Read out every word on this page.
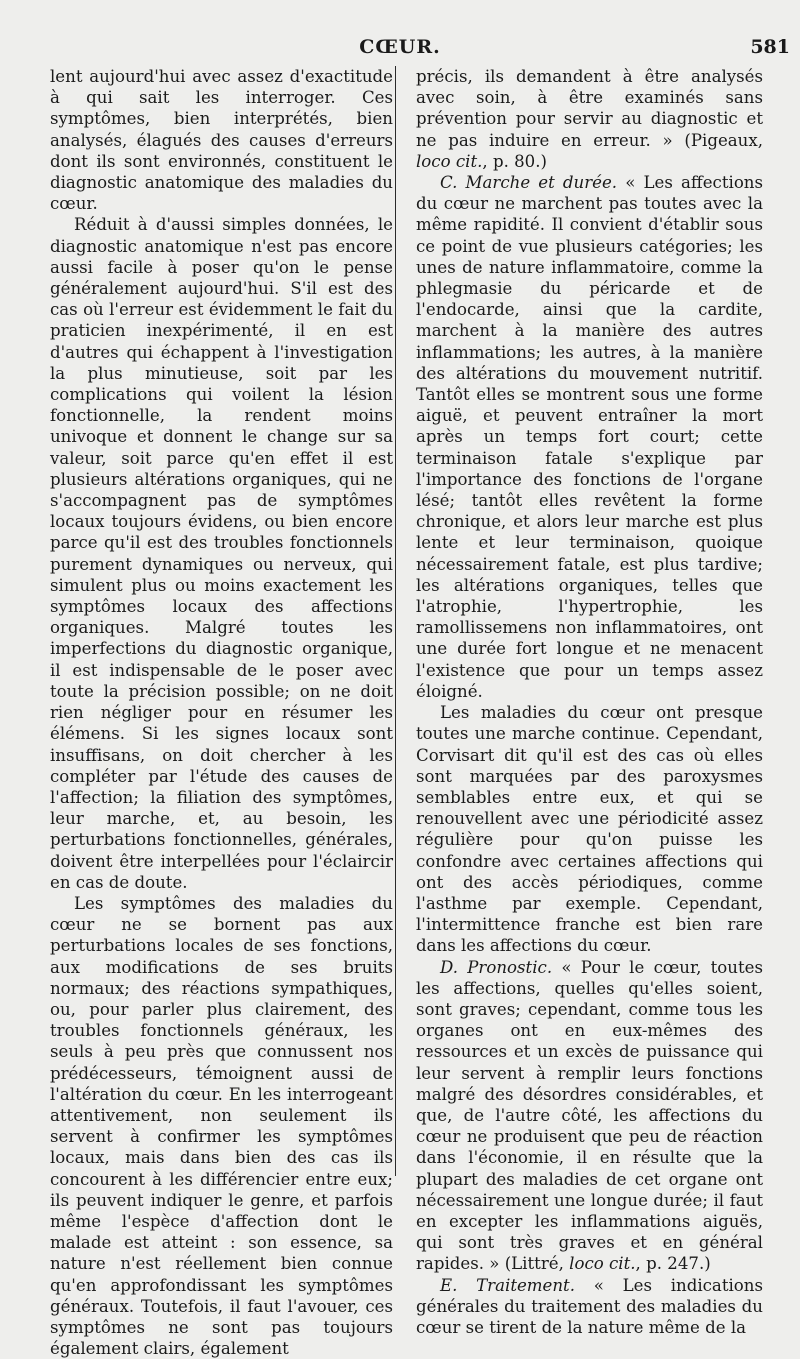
CŒUR.	581

lent aujourd'hui avec assez d'exactitude à qui sait les interroger. Ces symptômes, bien interprétés, bien analysés, élagués des causes d'erreurs dont ils sont environnés, constituent le diagnostic anatomique des maladies du cœur.

Réduit à d'aussi simples données, le diagnostic anatomique n'est pas encore aussi facile à poser qu'on le pense généralement aujourd'hui. S'il est des cas où l'erreur est évidemment le fait du praticien inexpérimenté, il en est d'autres qui échappent à l'investigation la plus minutieuse, soit par les complications qui voilent la lésion fonctionnelle, la rendent moins univoque et donnent le change sur sa valeur, soit parce qu'en effet il est plusieurs altérations organiques, qui ne s'accompagnent pas de symptômes locaux toujours évidens, ou bien encore parce qu'il est des troubles fonctionnels purement dynamiques ou nerveux, qui simulent plus ou moins exactement les symptômes locaux des affections organiques. Malgré toutes les imperfections du diagnostic organique, il est indispensable de le poser avec toute la précision possible; on ne doit rien négliger pour en résumer les élémens. Si les signes locaux sont insuffisans, on doit chercher à les compléter par l'étude des causes de l'affection; la filiation des symptômes, leur marche, et, au besoin, les perturbations fonctionnelles, générales, doivent être interpellées pour l'éclaircir en cas de doute.

Les symptômes des maladies du cœur ne se bornent pas aux perturbations locales de ses fonctions, aux modifications de ses bruits normaux; des réactions sympathiques, ou, pour parler plus clairement, des troubles fonctionnels généraux, les seuls à peu près que connussent nos prédécesseurs, témoignent aussi de l'altération du cœur. En les interrogeant attentivement, non seulement ils servent à confirmer les symptômes locaux, mais dans bien des cas ils concourent à les différencier entre eux; ils peuvent indiquer le genre, et parfois même l'espèce d'affection dont le malade est atteint : son essence, sa nature n'est réellement bien connue qu'en approfondissant les symptômes généraux. Toutefois, il faut l'avouer, ces symptômes ne sont pas toujours également clairs, également

précis, ils demandent à être analysés avec soin, à être examinés sans prévention pour servir au diagnostic et ne pas induire en erreur. » (Pigeaux, loco cit., p. 80.)

C. Marche et durée. « Les affections du cœur ne marchent pas toutes avec la même rapidité. Il convient d'établir sous ce point de vue plusieurs catégories; les unes de nature inflammatoire, comme la phlegmasie du péricarde et de l'endocarde, ainsi que la cardite, marchent à la manière des autres inflammations; les autres, à la manière des altérations du mouvement nutritif. Tantôt elles se montrent sous une forme aiguë, et peuvent entraîner la mort après un temps fort court; cette terminaison fatale s'explique par l'importance des fonctions de l'organe lésé; tantôt elles revêtent la forme chronique, et alors leur marche est plus lente et leur terminaison, quoique nécessairement fatale, est plus tardive; les altérations organiques, telles que l'atrophie, l'hypertrophie, les ramollissemens non inflammatoires, ont une durée fort longue et ne menacent l'existence que pour un temps assez éloigné.

Les maladies du cœur ont presque toutes une marche continue. Cependant, Corvisart dit qu'il est des cas où elles sont marquées par des paroxysmes semblables entre eux, et qui se renouvellent avec une périodicité assez régulière pour qu'on puisse les confondre avec certaines affections qui ont des accès périodiques, comme l'asthme par exemple. Cependant, l'intermittence franche est bien rare dans les affections du cœur.

D. Pronostic. « Pour le cœur, toutes les affections, quelles qu'elles soient, sont graves; cependant, comme tous les organes ont en eux-mêmes des ressources et un excès de puissance qui leur servent à remplir leurs fonctions malgré des désordres considérables, et que, de l'autre côté, les affections du cœur ne produisent que peu de réaction dans l'économie, il en résulte que la plupart des maladies de cet organe ont nécessairement une longue durée; il faut en excepter les inflammations aiguës, qui sont très graves et en général rapides. » (Littré, loco cit., p. 247.)

E. Traitement. « Les indications générales du traitement des maladies du cœur se tirent de la nature même de la
